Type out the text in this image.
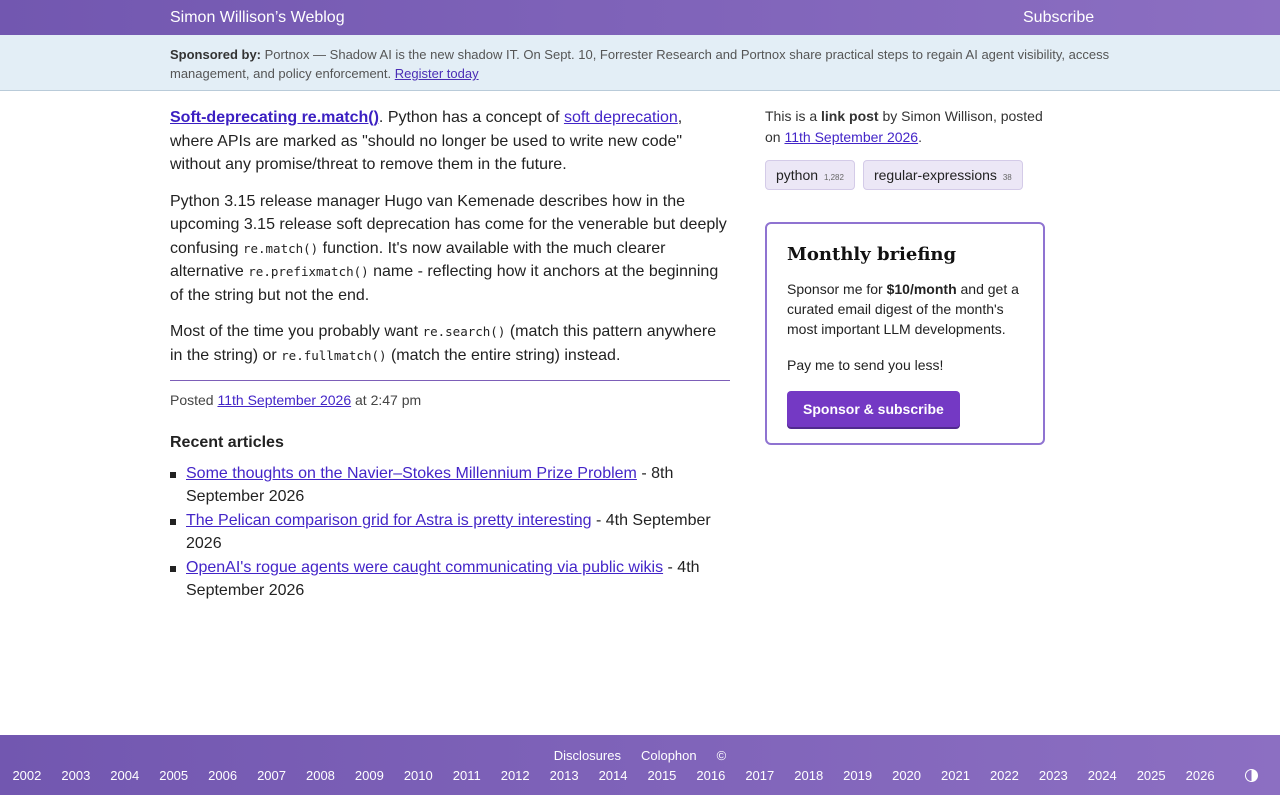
Simon Willison’s Weblog	Subscribe
Sponsored by: Portnox — Shadow AI is the new shadow IT. On Sept. 10, Forrester Research and Portnox share practical steps to regain AI agent visibility, access management, and policy enforcement. Register today

Soft-deprecating re.match(). Python has a concept of soft deprecation, where APIs are marked as "should no longer be used to write new code" without any promise/threat to remove them in the future.

Python 3.15 release manager Hugo van Kemenade describes how in the upcoming 3.15 release soft deprecation has come for the venerable but deeply confusing re.match() function. It's now available with the much clearer alternative re.prefixmatch() name - reflecting how it anchors at the beginning of the string but not the end.

Most of the time you probably want re.search() (match this pattern anywhere in the string) or re.fullmatch() (match the entire string) instead.

Posted 11th September 2026 at 2:47 pm
Recent articles
Some thoughts on the Navier–Stokes Millennium Prize Problem - 8th September 2026
The Pelican comparison grid for Astra is pretty interesting - 4th September 2026
OpenAI's rogue agents were caught communicating via public wikis - 4th September 2026
This is a link post by Simon Willison, posted on 11th September 2026.
python 1,282	regular-expressions 38
Monthly briefing

Sponsor me for $10/month and get a curated email digest of the month's most important LLM developments.

Pay me to send you less!

Sponsor & subscribe
Disclosures Colophon ©2002 2003 2004 2005 2006 2007 2008 2009 2010 2011 2012 2013 2014 2015 2016 2017 2018 2019 2020 2021 2022 2023 2024 2025 2026
